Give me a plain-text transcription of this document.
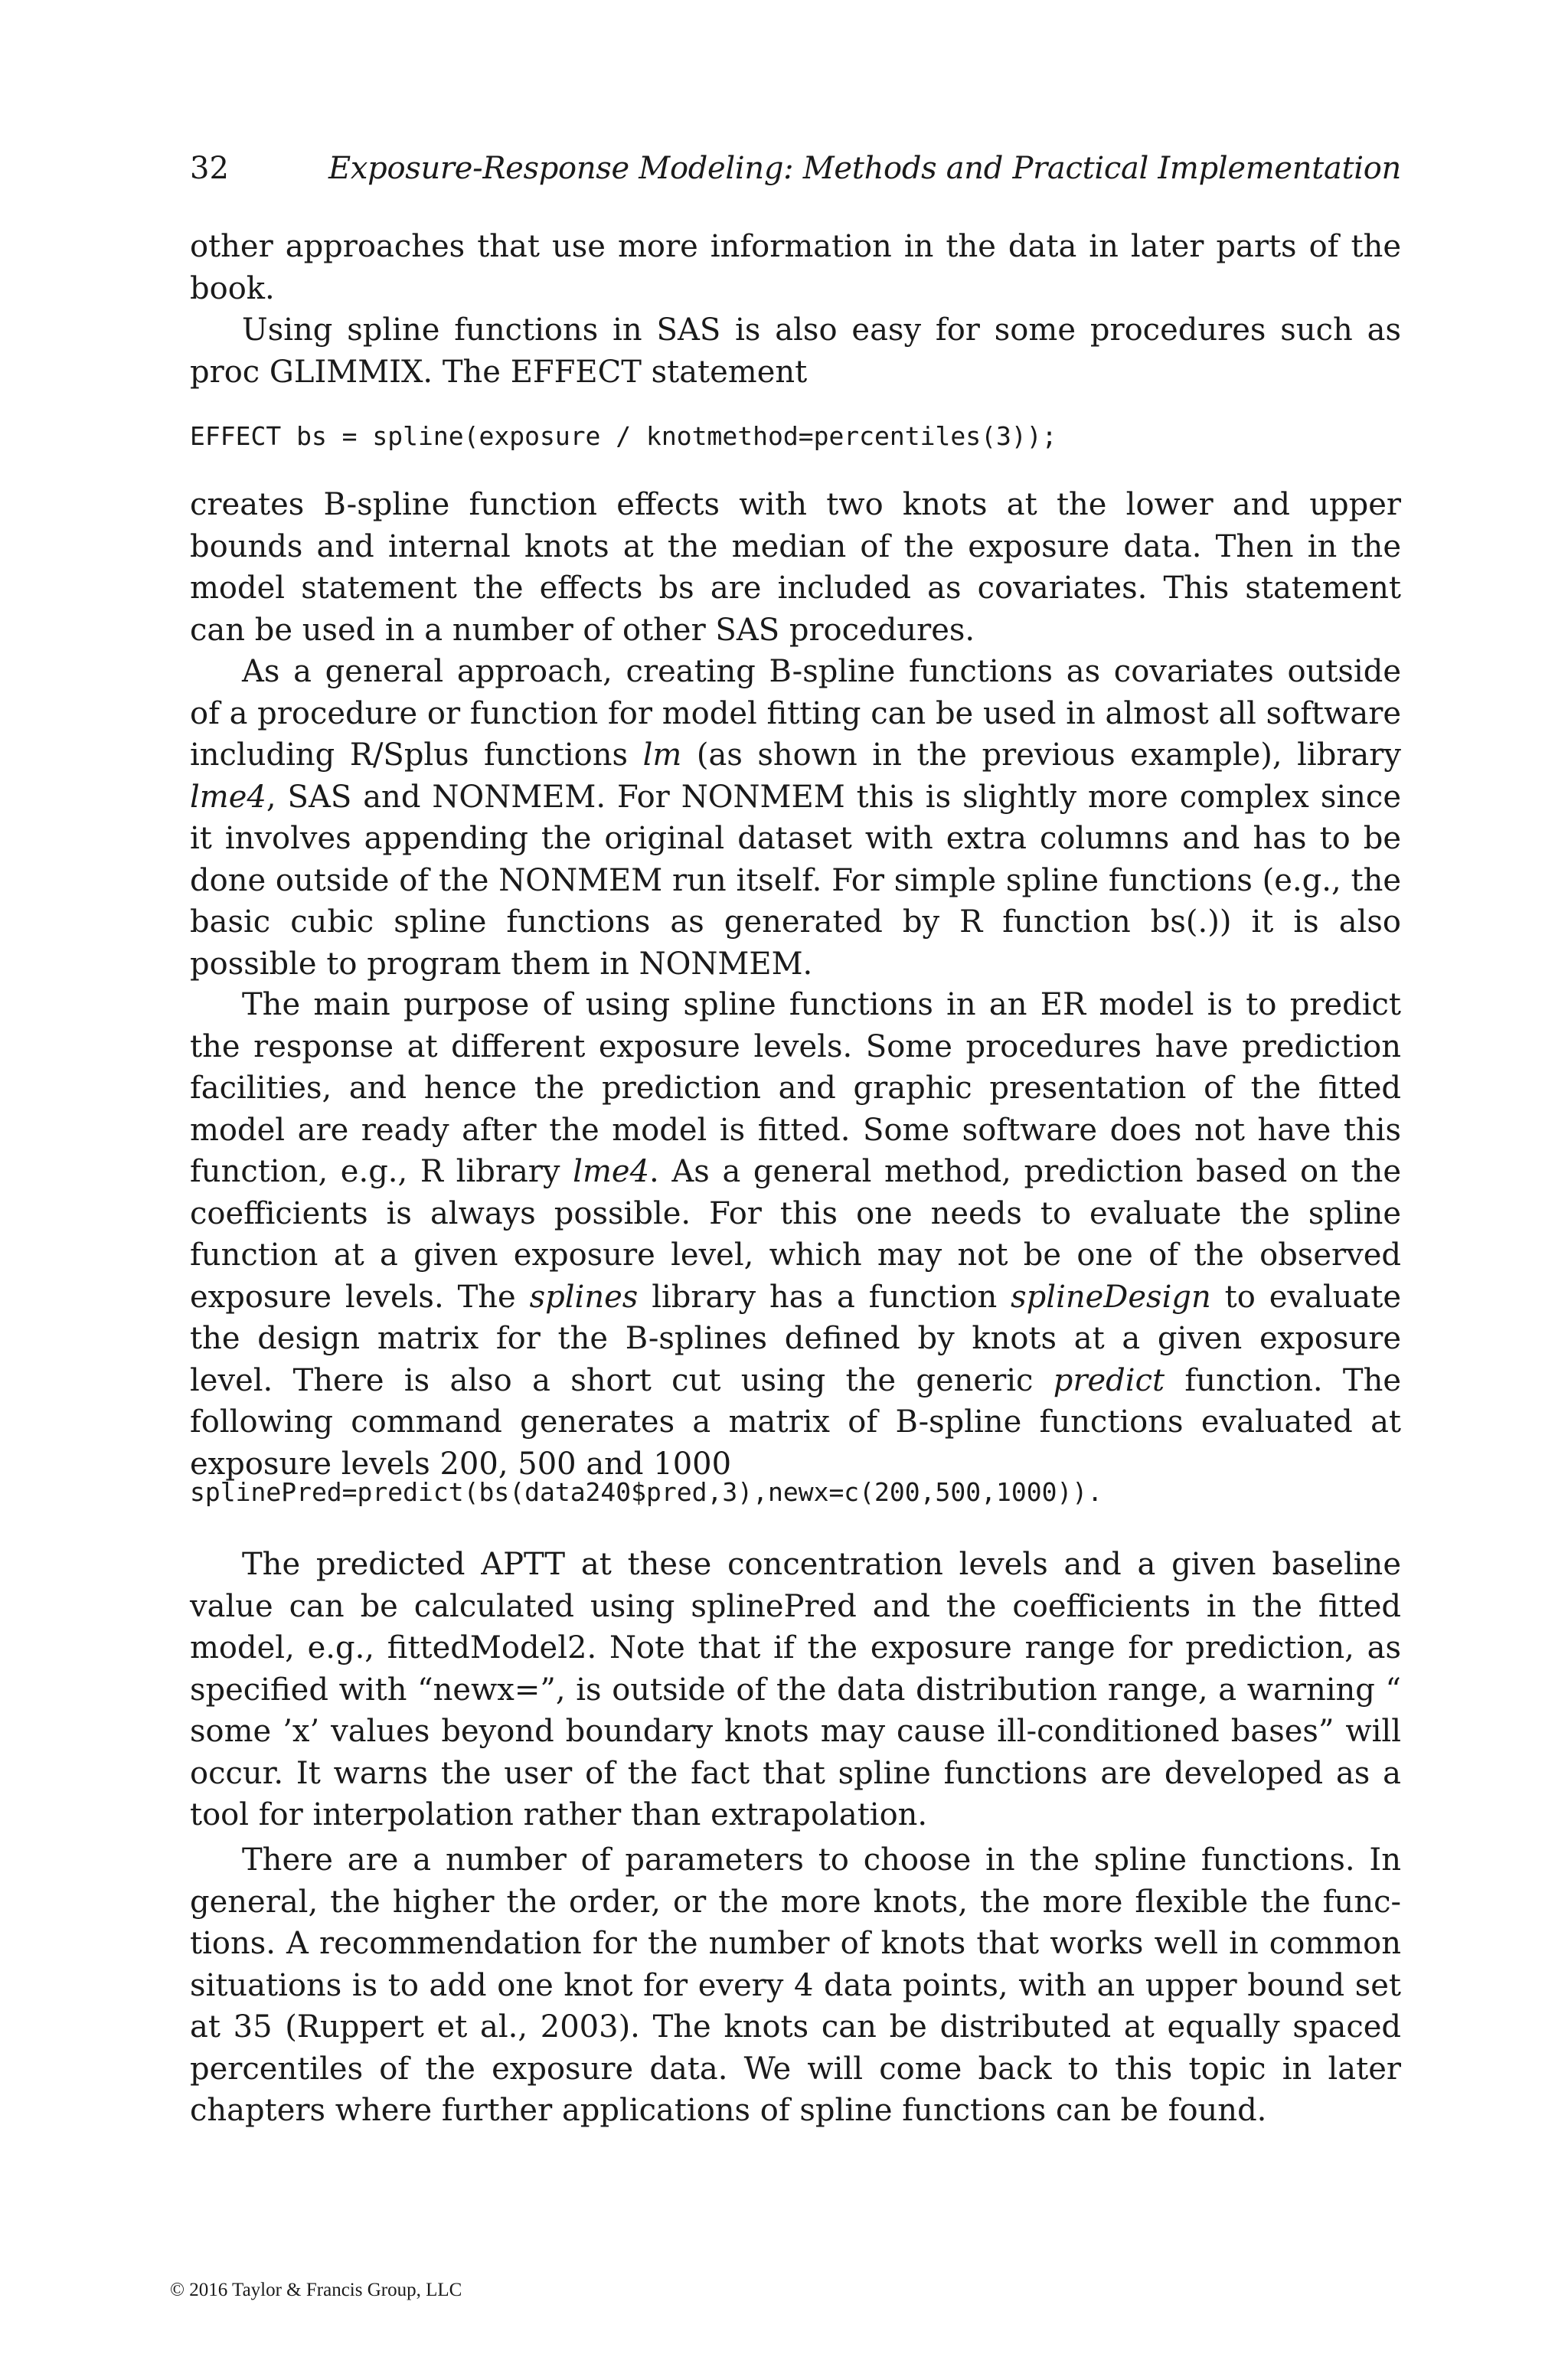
32	Exposure-Response Modeling: Methods and Practical Implementation

other approaches that use more information in the data in later parts of the book.

Using spline functions in SAS is also easy for some procedures such as proc GLIMMIX. The EFFECT statement

EFFECT bs = spline(exposure / knotmethod=percentiles(3));

creates B-spline function effects with two knots at the lower and upper bounds and internal knots at the median of the exposure data. Then in the model statement the effects bs are included as covariates. This statement can be used in a number of other SAS procedures.

As a general approach, creating B-spline functions as covariates outside of a procedure or function for model fitting can be used in almost all software including R/Splus functions lm (as shown in the previous example), library lme4, SAS and NONMEM. For NONMEM this is slightly more complex since it involves appending the original dataset with extra columns and has to be done outside of the NONMEM run itself. For simple spline functions (e.g., the basic cubic spline functions as generated by R function bs(.)) it is also possible to program them in NONMEM.

The main purpose of using spline functions in an ER model is to predict the response at different exposure levels. Some procedures have prediction facilities, and hence the prediction and graphic presentation of the fitted model are ready after the model is fitted. Some software does not have this function, e.g., R library lme4. As a general method, prediction based on the coefficients is always possible. For this one needs to evaluate the spline function at a given exposure level, which may not be one of the observed exposure levels. The splines library has a function splineDesign to evaluate the design matrix for the B-splines defined by knots at a given exposure level. There is also a short cut using the generic predict function. The following command generates a matrix of B-spline functions evaluated at exposure levels 200, 500 and 1000

splinePred=predict(bs(data240$pred,3),newx=c(200,500,1000)).

The predicted APTT at these concentration levels and a given baseline value can be calculated using splinePred and the coefficients in the fitted model, e.g., fittedModel2. Note that if the exposure range for prediction, as specified with “newx=”, is outside of the data distribution range, a warning “ some ’x’ values beyond boundary knots may cause ill-conditioned bases” will occur. It warns the user of the fact that spline functions are developed as a tool for interpolation rather than extrapolation.

There are a number of parameters to choose in the spline functions. In general, the higher the order, or the more knots, the more flexible the functions. A recommendation for the number of knots that works well in common situations is to add one knot for every 4 data points, with an upper bound set at 35 (Ruppert et al., 2003). The knots can be distributed at equally spaced percentiles of the exposure data. We will come back to this topic in later chapters where further applications of spline functions can be found.

© 2016 Taylor & Francis Group, LLC
